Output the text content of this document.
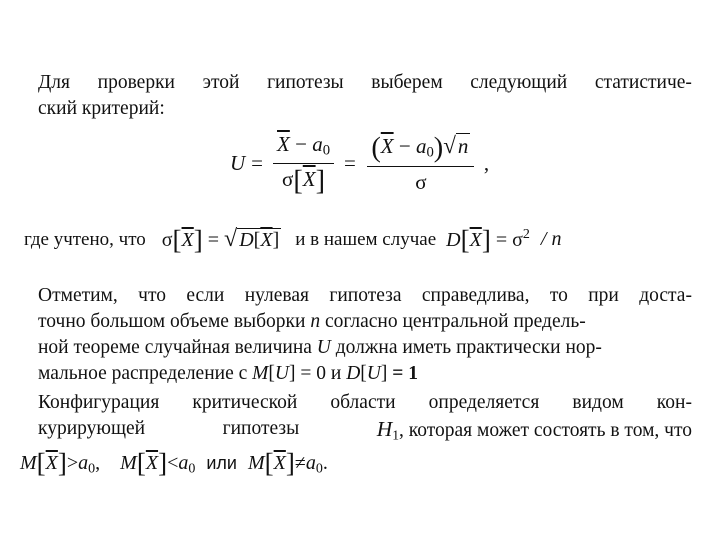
Для проверки этой гипотезы выберем следующий статистиче-
ский критерий:
$U = \frac{\overline{X} - a_0}{\sigma[\overline{X}]} = \frac{(\overline{X} - a_0)√n}{\sigma}$ ,
где учтено, что $\sigma[\overline{X}]$ = √ $D[\overline{X}]$ и в нашем случае $D[\overline{X}] = \sigma^2 / n$
Отметим, что если нулевая гипотеза справедлива, то при доста-
точно большом объеме выборки n согласно центральной предель-
ной теореме случайная величина U должна иметь практически нор-
мальное распределение с M[U] = 0 и D[U] = 1
Конфигурация критической области определяется видом кон-
курирующей	гипотезы	$H_1$, которая может состоять в том, что
$M[\overline{X}]>a_0$, $M[\overline{X}]<a_0$ или $M[\overline{X}]\ne a_0$.
